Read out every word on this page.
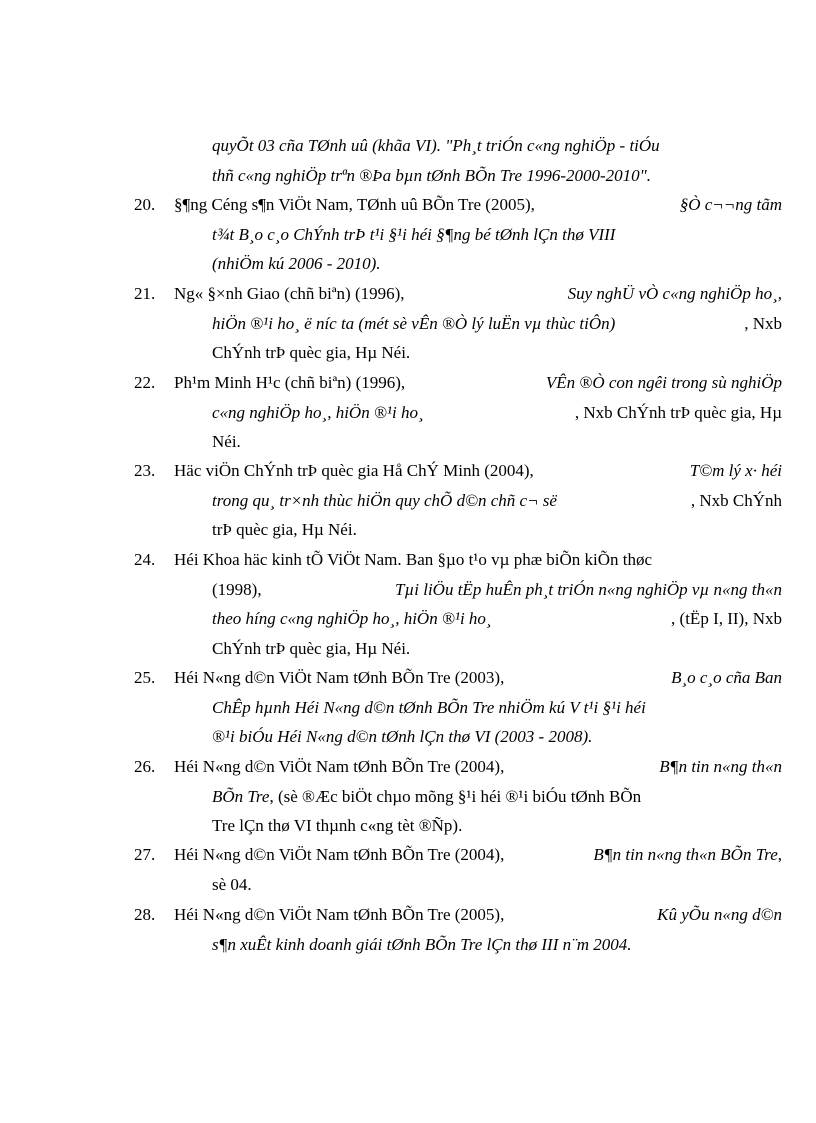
quyÕt 03 cña TØnh uû (khãa VI). "Ph¸t triÓn c«ng nghiÖp - tiÓu
thñ c«ng nghiÖp trªn ®Þa bµn tØnh BÕn Tre 1996-2000-2010".
20.	§¶ng Céng s¶n ViÖt Nam, TØnh uû BÕn Tre (2005),	§Ò c¬¬ng tãm
t¾t B¸o c¸o ChÝnh trÞ t¹i §¹i héi §¶ng bé tØnh lÇn thø VIII
(nhiÖm kú 2006 - 2010).
21.	Ng« §×nh Giao (chñ biªn) (1996),	Suy nghÜ vÒ c«ng nghiÖp ho¸,
hiÖn ®¹i ho¸ ë níc ta (mét sè vÊn ®Ò lý luËn vµ thùc tiÔn)	, Nxb
ChÝnh trÞ quèc gia, Hµ Néi.
22.	Ph¹m Minh H¹c (chñ biªn) (1996),	VÊn ®Ò con ngêi trong sù nghiÖp
c«ng nghiÖp ho¸, hiÖn ®¹i ho¸	, Nxb ChÝnh trÞ quèc gia, Hµ
Néi.
23.	Häc viÖn ChÝnh trÞ quèc gia Hå ChÝ Minh (2004),	T©m lý x· héi
trong qu¸ tr×nh thùc hiÖn quy chÕ d©n chñ c¬ së	, Nxb ChÝnh
trÞ quèc gia, Hµ Néi.
24.	Héi Khoa häc kinh tÕ ViÖt Nam. Ban §µo t¹o vµ phæ biÕn kiÕn thøc
(1998),	Tµi liÖu tËp huÊn ph¸t triÓn n«ng nghiÖp vµ n«ng th«n
theo híng c«ng nghiÖp ho¸, hiÖn ®¹i ho¸	, (tËp I, II), Nxb
ChÝnh trÞ quèc gia, Hµ Néi.
25.	Héi N«ng d©n ViÖt Nam tØnh BÕn Tre (2003),	B¸o c¸o cña Ban
ChÊp hµnh Héi N«ng d©n tØnh BÕn Tre nhiÖm kú V t¹i §¹i héi
®¹i biÓu Héi N«ng d©n tØnh lÇn thø VI (2003 - 2008).
26.	Héi N«ng d©n ViÖt Nam tØnh BÕn Tre (2004),	B¶n tin n«ng th«n
BÕn Tre, (sè ®Æc biÖt chµo mõng §¹i héi ®¹i biÓu tØnh BÕn
Tre lÇn thø VI thµnh c«ng tèt ®Ñp).
27.	Héi N«ng d©n ViÖt Nam tØnh BÕn Tre (2004),	B¶n tin n«ng th«n BÕn Tre,
sè 04.
28.	Héi N«ng d©n ViÖt Nam tØnh BÕn Tre (2005),	Kû yÕu n«ng d©n
s¶n xuÊt kinh doanh giái tØnh BÕn Tre lÇn thø III n¨m 2004.
